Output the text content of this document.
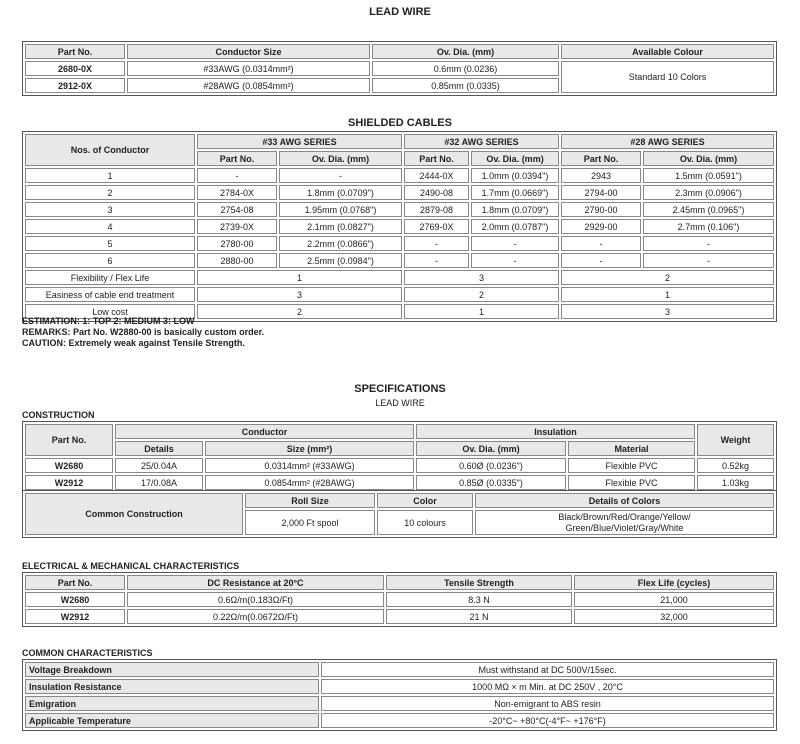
LEAD WIRE
Part No.	Conductor Size	Ov. Dia. (mm)	Available Colour
2680-0X	#33AWG (0.0314mm²)	0.6mm (0.0236)	Standard 10 Colors
2912-0X	#28AWG (0.0854mm²)	0.85mm (0.0335)	
SHIELDED CABLES
Nos. of Conductor	#33 AWG SERIES		#32 AWG SERIES		#28 AWG SERIES	
	Part No.	Ov. Dia. (mm)	Part No.	Ov. Dia. (mm)	Part No.	Ov. Dia. (mm)
1	-	-	2444-0X	1.0mm (0.0394")	2943	1.5mm (0.0591")
2	2784-0X	1.8mm (0.0709")	2490-08	1.7mm (0.0669")	2794-00	2.3mm (0.0906")
3	2754-08	1.95mm (0.0768")	2879-08	1.8mm (0.0709")	2790-00	2.45mm (0.0965")
4	2739-0X	2.1mm (0.0827")	2769-0X	2.0mm (0.0787")	2929-00	2.7mm (0.106")
5	2780-00	2.2mm (0.0866")	-	-	-	-
6	2880-00	2.5mm (0.0984")	-	-	-	-
Flexibility / Flex Life	1		3		2	
Easiness of cable end treatment	3		2		1	
Low cost	2		1		3	
ESTIMATION: 1: TOP 2: MEDIUM 3: LOW
REMARKS: Part No. W2880-00 is basically custom order.
CAUTION: Extremely weak against Tensile Strength.
SPECIFICATIONS
LEAD WIRE
CONSTRUCTION
Part No.	Conductor		Insulation		Weight
	Details	Size (mm²)	Ov. Dia. (mm)	Material	
W2680	25/0.04A	0.0314mm² (#33AWG)	0.60Ø (0.0236")	Flexible PVC	0.52kg
W2912	17/0.08A	0.0854mm² (#28AWG)	0.85Ø (0.0335")	Flexible PVC	1.03kg
Common Construction	Roll Size	Color	Details of Colors
	2,000 Ft spool	10 colours	Black/Brown/Red/Orange/Yellow/
Green/Blue/Violet/Gray/White
ELECTRICAL & MECHANICAL CHARACTERISTICS
Part No.	DC Resistance at 20°C	Tensile Strength	Flex Life (cycles)
W2680	0.6Ω/m(0.183Ω/Ft)	8.3 N	21,000
W2912	0.22Ω/m(0.0672Ω/Ft)	21 N	32,000
COMMON CHARACTERISTICS
Voltage Breakdown	Must withstand at DC 500V/15sec.
Insulation Resistance	1000 MΩ × m Min. at DC 250V , 20°C
Emigration	Non-emigrant to ABS resin
Applicable Temperature	-20°C~ +80°C(-4°F~ +176°F)
